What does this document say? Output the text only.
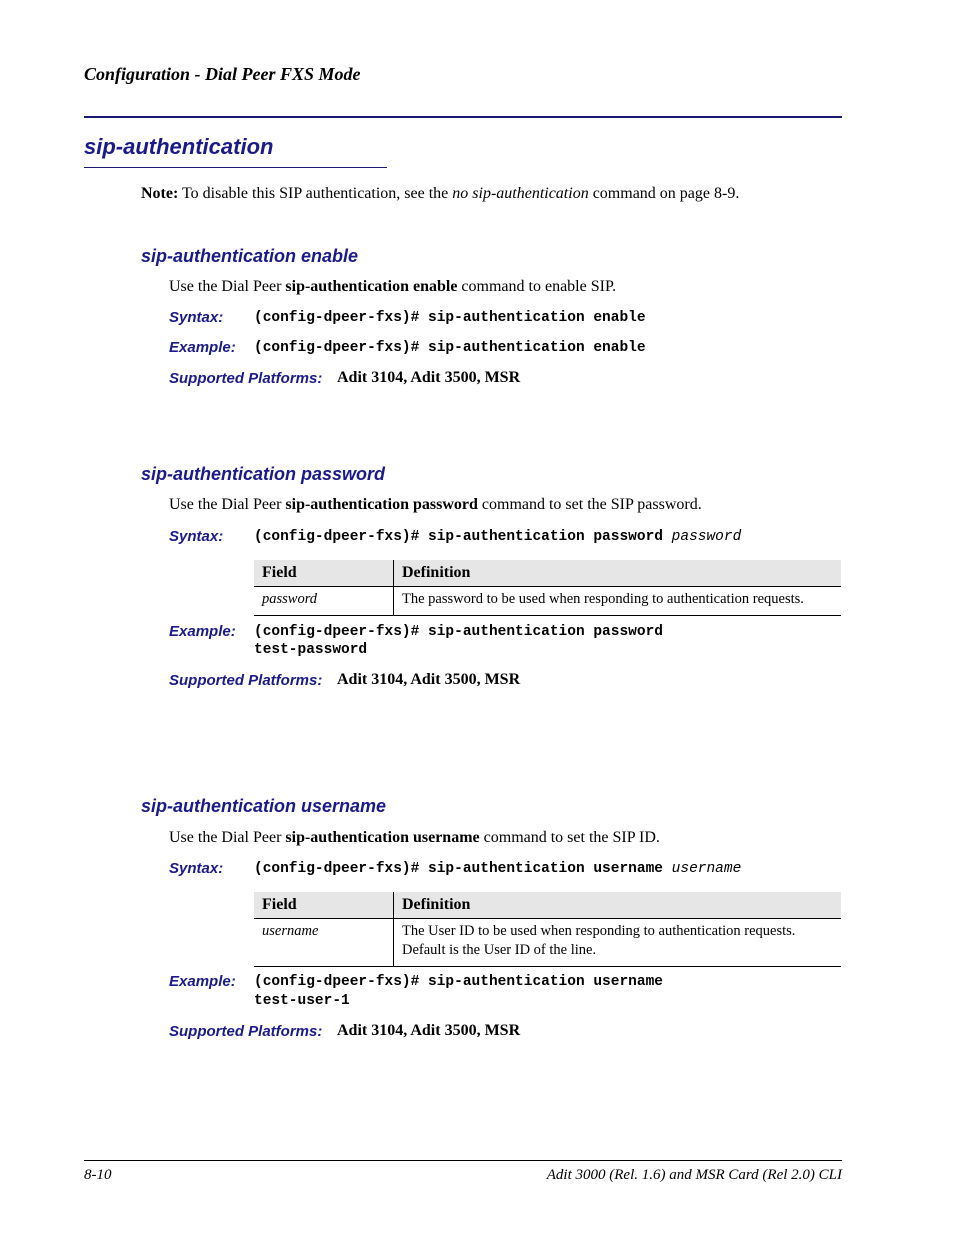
Configuration - Dial Peer FXS Mode
sip-authentication
Note: To disable this SIP authentication, see the no sip-authentication command on page 8-9.
sip-authentication enable
Use the Dial Peer sip-authentication enable command to enable SIP.
Syntax: (config-dpeer-fxs)# sip-authentication enable
Example: (config-dpeer-fxs)# sip-authentication enable
Supported Platforms: Adit 3104, Adit 3500, MSR
sip-authentication password
Use the Dial Peer sip-authentication password command to set the SIP password.
Syntax: (config-dpeer-fxs)# sip-authentication password password
Field	Definition
password	The password to be used when responding to authentication requests.
Example: (config-dpeer-fxs)# sip-authentication password
test-password
Supported Platforms: Adit 3104, Adit 3500, MSR
sip-authentication username
Use the Dial Peer sip-authentication username command to set the SIP ID.
Syntax: (config-dpeer-fxs)# sip-authentication username username
Field	Definition
username	The User ID to be used when responding to authentication requests.
Default is the User ID of the line.
Example: (config-dpeer-fxs)# sip-authentication username
test-user-1
Supported Platforms: Adit 3104, Adit 3500, MSR
8-10	Adit 3000 (Rel. 1.6) and MSR Card (Rel 2.0) CLI
